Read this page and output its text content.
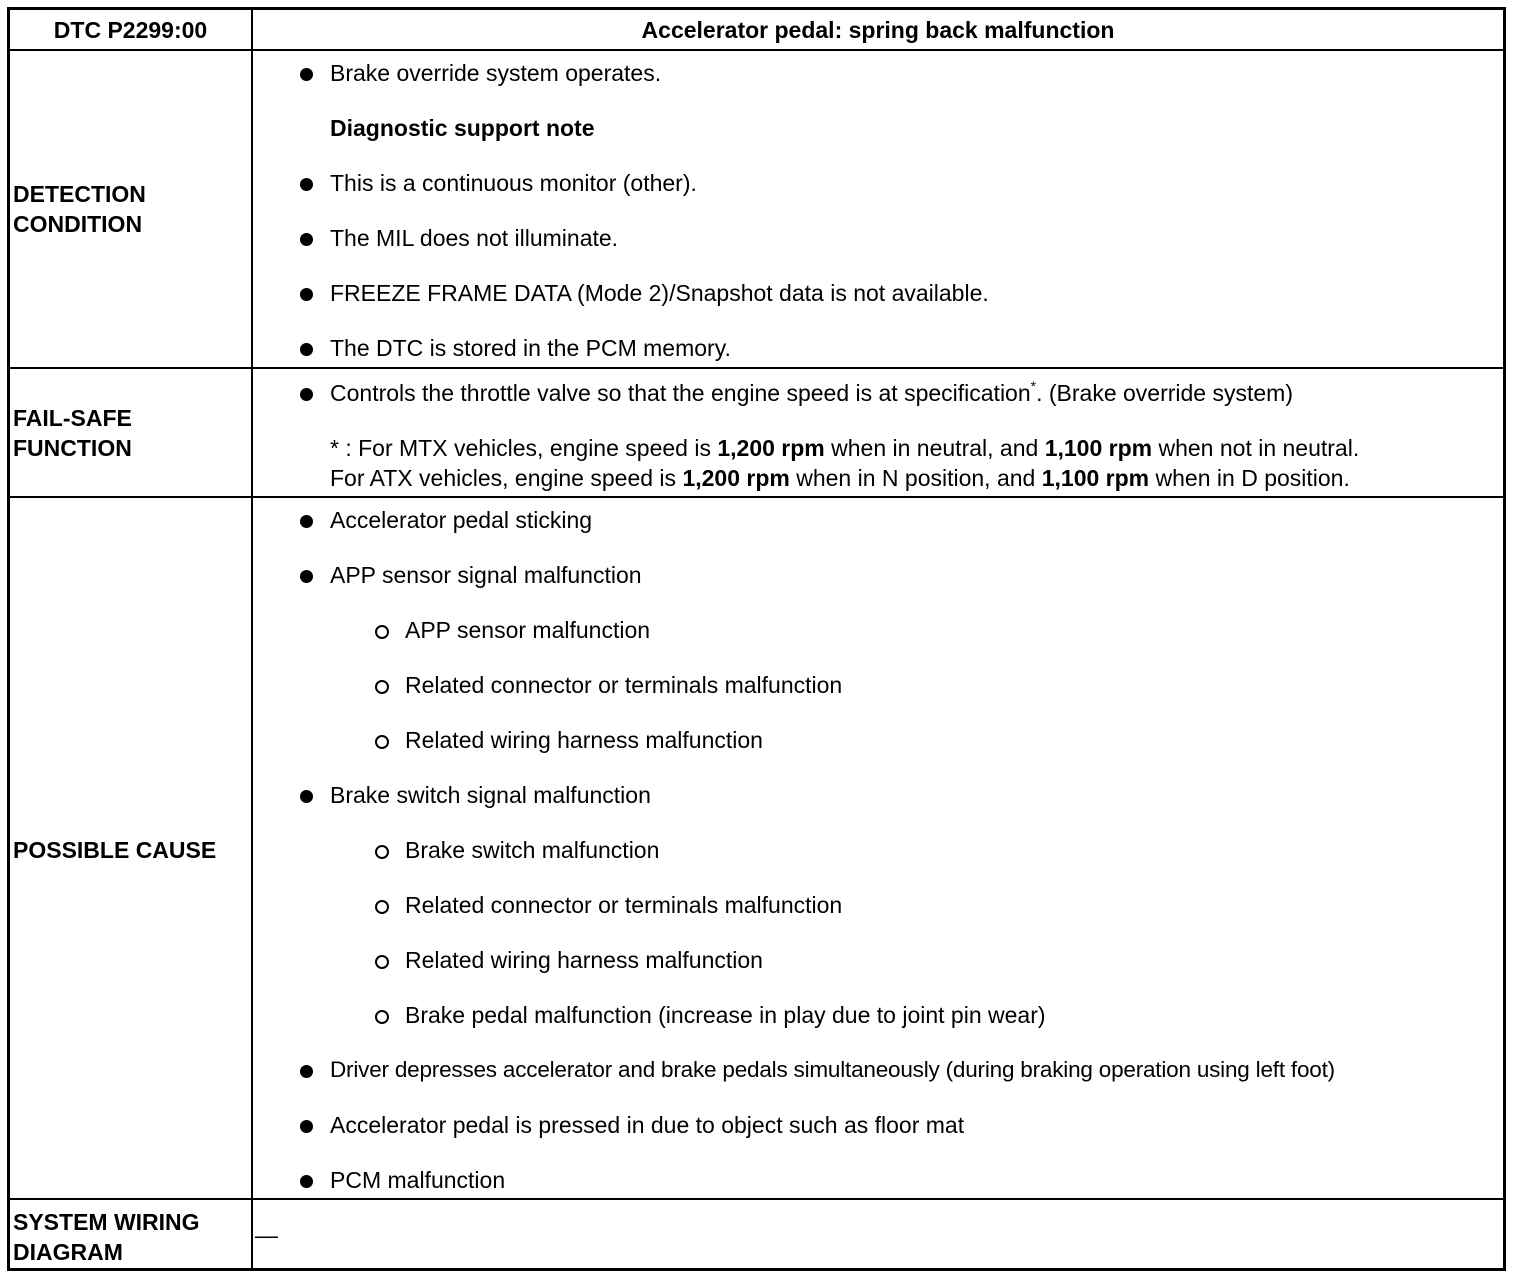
DTC P2299:00	Accelerator pedal: spring back malfunction
DETECTION
CONDITION
Brake override system operates.
Diagnostic support note
This is a continuous monitor (other).
The MIL does not illuminate.
FREEZE FRAME DATA (Mode 2)/Snapshot data is not available.
The DTC is stored in the PCM memory.
FAIL-SAFE
FUNCTION
Controls the throttle valve so that the engine speed is at specification*. (Brake override system)
* : For MTX vehicles, engine speed is 1,200 rpm when in neutral, and 1,100 rpm when not in neutral.
For ATX vehicles, engine speed is 1,200 rpm when in N position, and 1,100 rpm when in D position.
POSSIBLE CAUSE
Accelerator pedal sticking
APP sensor signal malfunction
APP sensor malfunction
Related connector or terminals malfunction
Related wiring harness malfunction
Brake switch signal malfunction
Brake switch malfunction
Related connector or terminals malfunction
Related wiring harness malfunction
Brake pedal malfunction (increase in play due to joint pin wear)
Driver depresses accelerator and brake pedals simultaneously (during braking operation using left foot)
Accelerator pedal is pressed in due to object such as floor mat
PCM malfunction
SYSTEM WIRING
DIAGRAM
—
